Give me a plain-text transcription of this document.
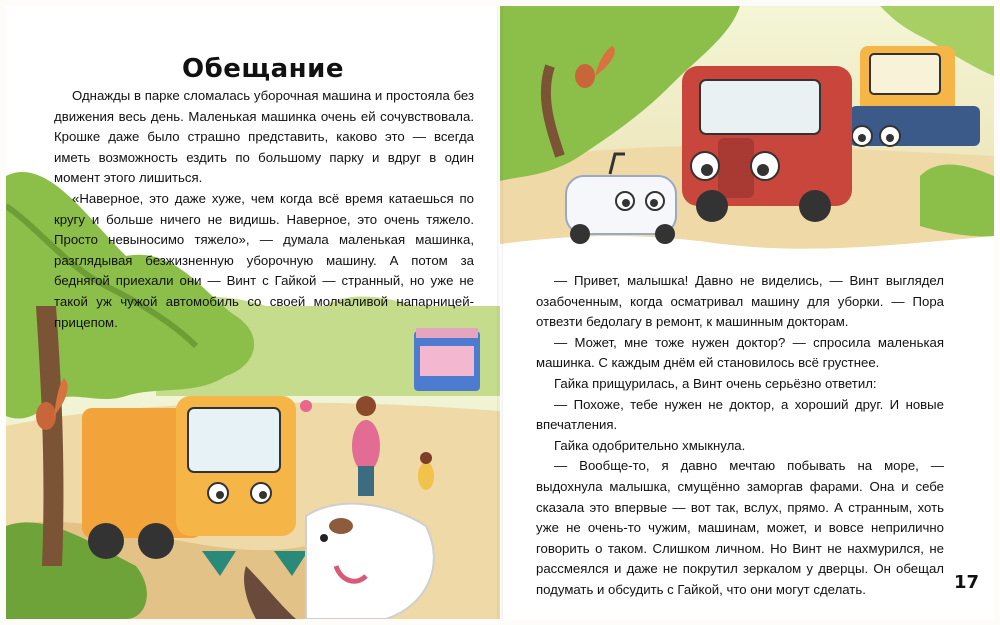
Обещание

Однажды в парке сломалась уборочная машина и простояла без движения весь день. Маленькая машинка очень ей сочувствовала. Крошке даже было страшно представить, каково это — всегда иметь возможность ездить по большому парку и вдруг в один момент этого лишиться.

«Наверное, это даже хуже, чем когда всё время катаешься по кругу и больше ничего не видишь. Наверное, это очень тяжело. Просто невыносимо тяжело», — думала маленькая машинка, разглядывая безжизненную уборочную машину. А потом за беднягой приехали они — Винт с Гайкой — странный, но уже не такой уж чужой автомобиль со своей молчаливой напарницей-прицепом.

— Привет, малышка! Давно не виделись, — Винт выглядел озабоченным, когда осматривал машину для уборки. — Пора отвезти бедолагу в ремонт, к машинным докторам.

— Может, мне тоже нужен доктор? — спросила маленькая машинка. С каждым днём ей становилось всё грустнее.

Гайка прищурилась, а Винт очень серьёзно ответил:

— Похоже, тебе нужен не доктор, а хороший друг. И новые впечатления.

Гайка одобрительно хмыкнула.

— Вообще-то, я давно мечтаю побывать на море, — выдохнула малышка, смущённо заморгав фарами. Она и себе сказала это впервые — вот так, вслух, прямо. А странным, хоть уже не очень-то чужим, машинам, может, и вовсе неприлично говорить о таком. Слишком личном. Но Винт не нахмурился, не рассмеялся и даже не покрутил зеркалом у дверцы. Он обещал подумать и обсудить с Гайкой, что они могут сделать.	17
